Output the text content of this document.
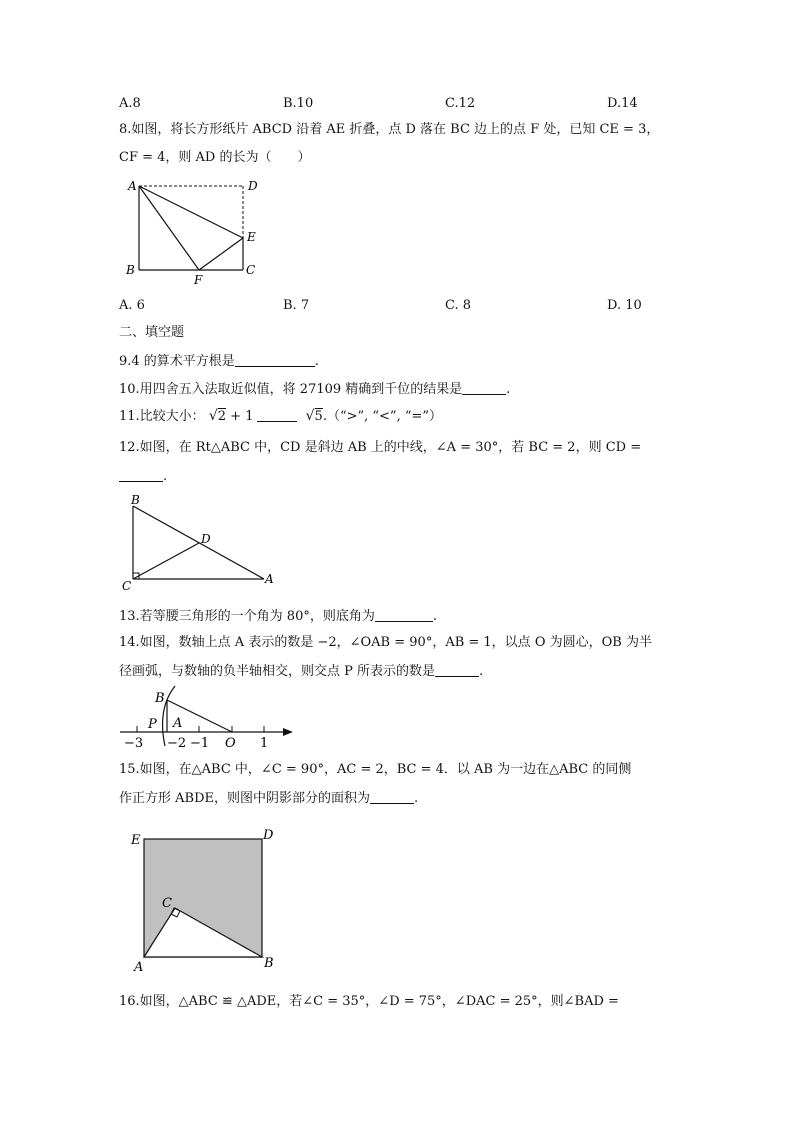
A.8	B.10	C.12	D.14
8.如图，将长方形纸片 ABCD 沿着 AE 折叠，点 D 落在 BC 边上的点 F 处，已知 CE = 3，
CF = 4，则 AD 的长为（　　）
A	D
E
B	C
F
A. 6	B. 7	C. 8	D. 10
二、填空题
9.4 的算术平方根是	.
10.用四舍五入法取近似值，将 27109 精确到千位的结果是	.
11.比较大小： √2 + 1	√5.（“>”, “<”, “=”）
12.如图，在 Rt△ABC 中，CD 是斜边 AB 上的中线，∠A = 30°，若 BC = 2，则 CD =
.
B
D
C	A
13.若等腰三角形的一个角为 80°，则底角为	.
14.如图，数轴上点 A 表示的数是 −2，∠OAB = 90°，AB = 1，以点 O 为圆心，OB 为半
径画弧，与数轴的负半轴相交，则交点 P 所表示的数是	.
B
P A
O
−3 −2 −1	1
15.如图，在△ABC 中，∠C = 90°，AC = 2，BC = 4．以 AB 为一边在△ABC 的同侧
作正方形 ABDE，则图中阴影部分的面积为	.
E	D
C
A	B
16.如图，△ABC ≌ △ADE，若∠C = 35°，∠D = 75°，∠DAC = 25°，则∠BAD =
